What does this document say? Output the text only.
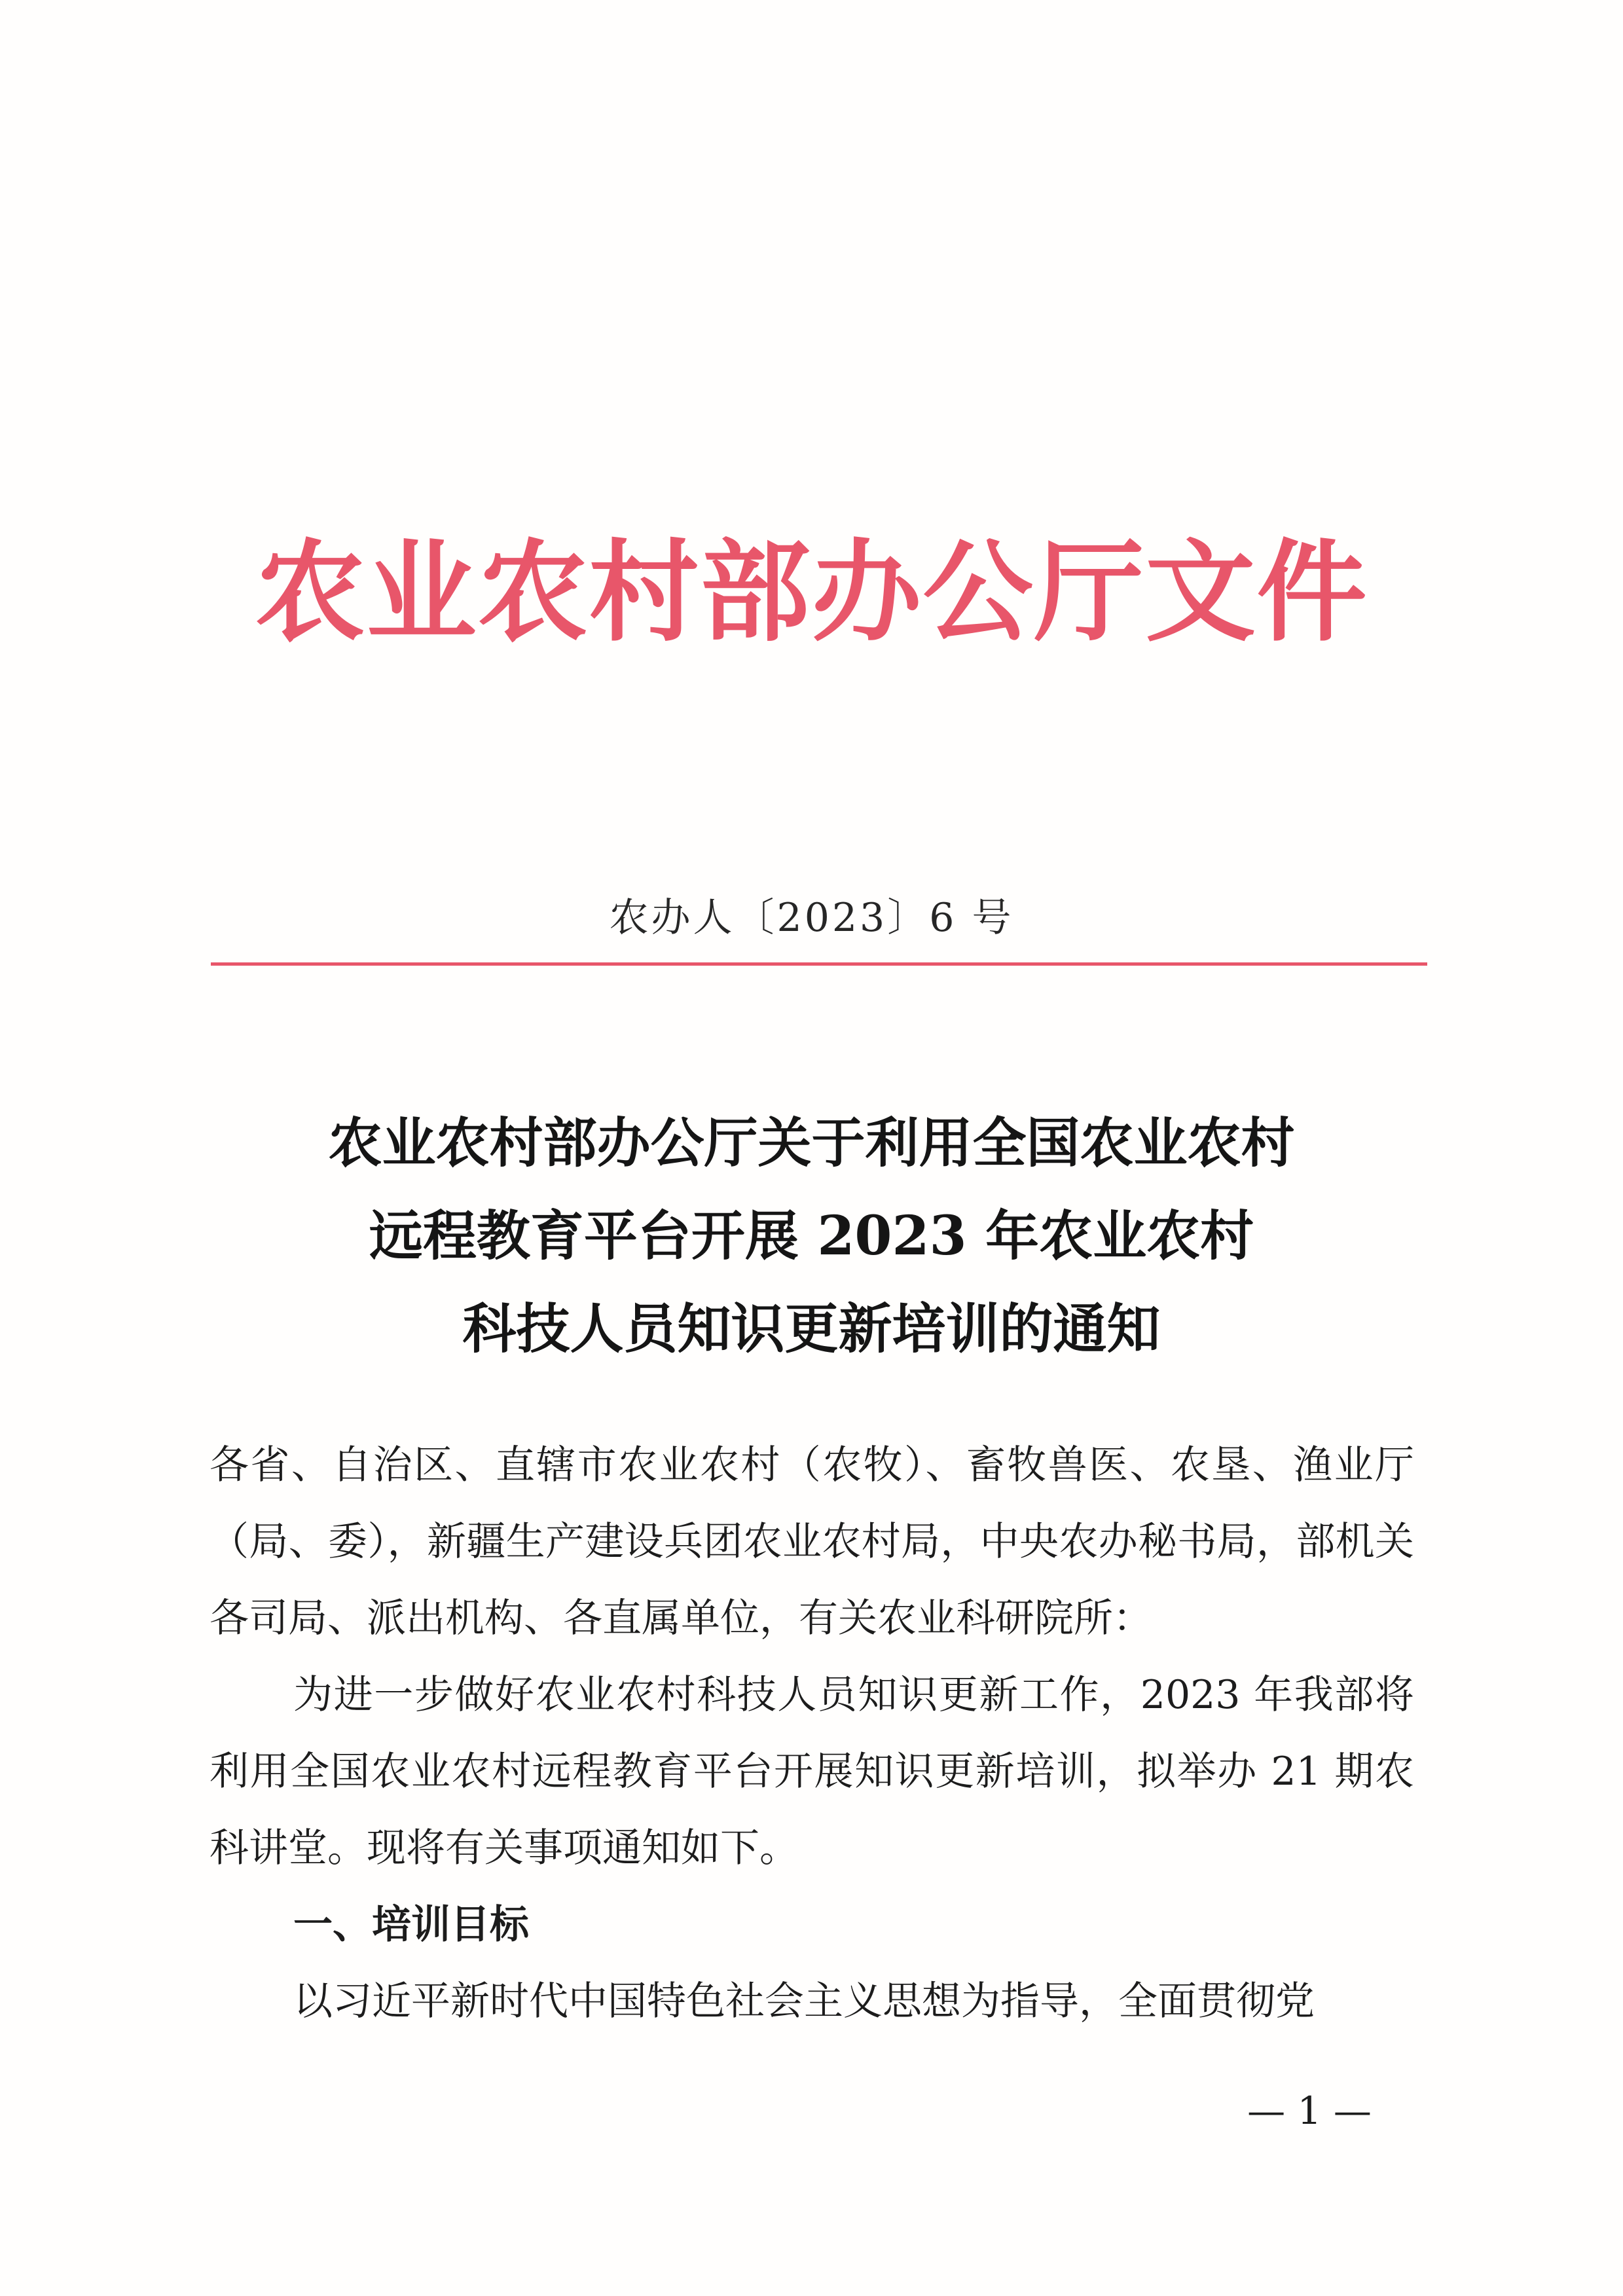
农业农村部办公厅文件
农办人〔2023〕6 号
农业农村部办公厅关于利用全国农业农村
远程教育平台开展 2023 年农业农村
科技人员知识更新培训的通知

各省、自治区、直辖市农业农村（农牧）、畜牧兽医、农垦、渔业厅（局、委），新疆生产建设兵团农业农村局，中央农办秘书局，部机关各司局、派出机构、各直属单位，有关农业科研院所：

为进一步做好农业农村科技人员知识更新工作，2023 年我部将利用全国农业农村远程教育平台开展知识更新培训，拟举办 21 期农科讲堂。现将有关事项通知如下。

一、培训目标

以习近平新时代中国特色社会主义思想为指导，全面贯彻党

— 1 —
